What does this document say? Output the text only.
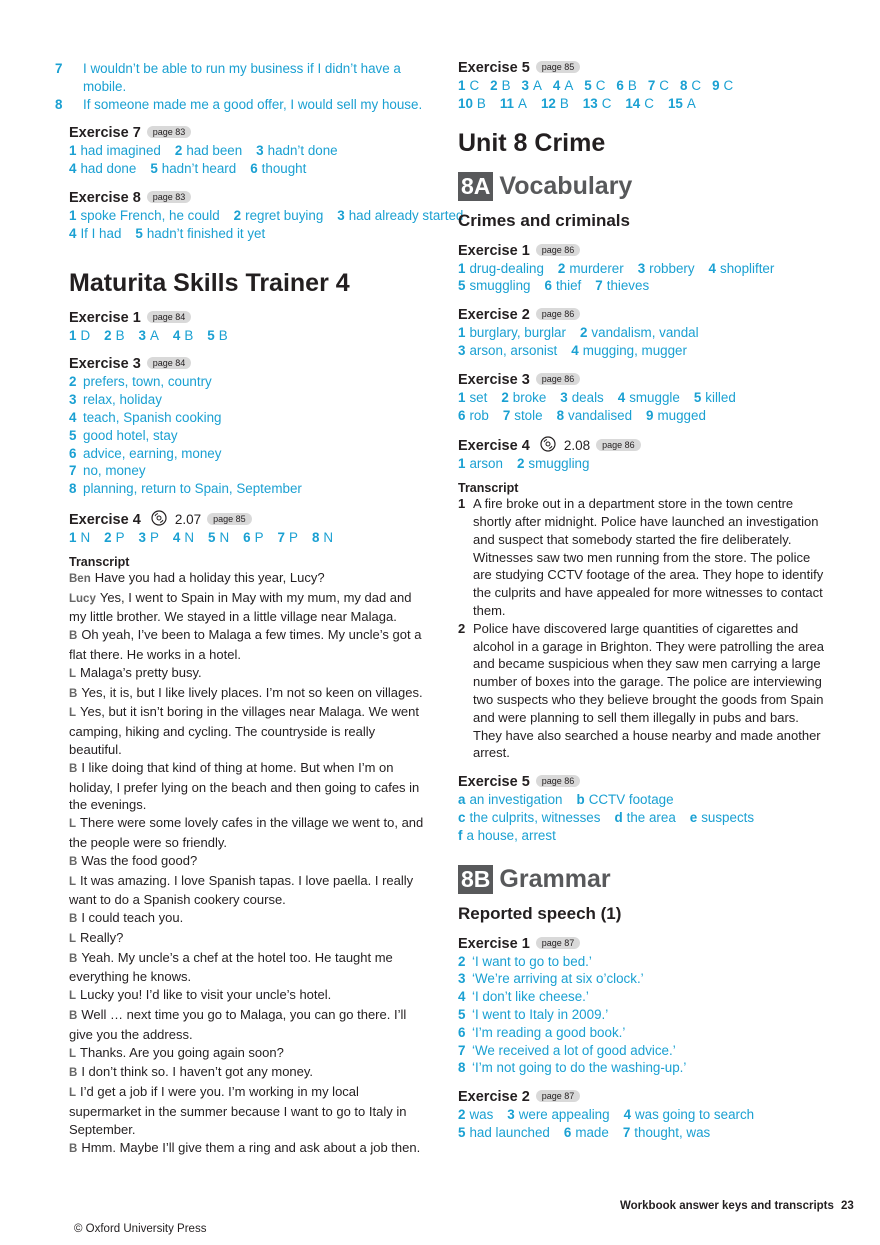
7 I wouldn’t be able to run my business if I didn’t have a mobile.
8 If someone made me a good offer, I would sell my house.
Exercise 7 page 83
1 had imagined 2 had been 3 hadn’t done
4 had done 5 hadn’t heard 6 thought
Exercise 8 page 83
1 spoke French, he could 2 regret buying 3 had already started
4 If I had 5 hadn’t finished it yet
Maturita Skills Trainer 4
Exercise 1 page 84
1 D 2 B 3 A 4 B 5 B
Exercise 3 page 84
2 prefers, town, country
3 relax, holiday
4 teach, Spanish cooking
5 good hotel, stay
6 advice, earning, money
7 no, money
8 planning, return to Spain, September
Exercise 4	2.07 page 85
1 N 2 P 3 P 4 N 5 N 6 P 7 P 8 N
Transcript
Ben Have you had a holiday this year, Lucy?
Lucy Yes, I went to Spain in May with my mum, my dad and my little brother. We stayed in a little village near Malaga.
B Oh yeah, I’ve been to Malaga a few times. My uncle’s got a flat there. He works in a hotel.
L Malaga’s pretty busy.
B Yes, it is, but I like lively places. I’m not so keen on villages.
L Yes, but it isn’t boring in the villages near Malaga. We went camping, hiking and cycling. The countryside is really beautiful.
B I like doing that kind of thing at home. But when I’m on holiday, I prefer lying on the beach and then going to cafes in the evenings.
L There were some lovely cafes in the village we went to, and the people were so friendly.
B Was the food good?
L It was amazing. I love Spanish tapas. I love paella. I really want to do a Spanish cookery course.
B I could teach you.
L Really?
B Yeah. My uncle’s a chef at the hotel too. He taught me everything he knows.
L Lucky you! I’d like to visit your uncle’s hotel.
B Well … next time you go to Malaga, you can go there. I’ll give you the address.
L Thanks. Are you going again soon?
B I don’t think so. I haven’t got any money.
L I’d get a job if I were you. I’m working in my local supermarket in the summer because I want to go to Italy in September.
B Hmm. Maybe I’ll give them a ring and ask about a job then.
Exercise 5 page 85
1 C 2 B 3 A 4 A 5 C 6 B 7 C 8 C 9 C
10 B 11 A 12 B 13 C 14 C 15 A
Unit 8 Crime
8A Vocabulary
Crimes and criminals
Exercise 1 page 86
1 drug-dealing 2 murderer 3 robbery 4 shoplifter
5 smuggling 6 thief 7 thieves
Exercise 2 page 86
1 burglary, burglar 2 vandalism, vandal
3 arson, arsonist 4 mugging, mugger
Exercise 3 page 86
1 set 2 broke 3 deals 4 smuggle 5 killed
6 rob 7 stole 8 vandalised 9 mugged
Exercise 4	2.08 page 86
1 arson 2 smuggling
Transcript
1 A fire broke out in a department store in the town centre shortly after midnight. Police have launched an investigation and suspect that somebody started the fire deliberately. Witnesses saw two men running from the store. The police are studying CCTV footage of the area. They hope to identify the culprits and have appealed for more witnesses to contact them.
2 Police have discovered large quantities of cigarettes and alcohol in a garage in Brighton. They were patrolling the area and became suspicious when they saw men carrying a large number of boxes into the garage. The police are interviewing two suspects who they believe brought the goods from Spain and were planning to sell them illegally in pubs and bars. They have also searched a house nearby and made another arrest.
Exercise 5 page 86
a an investigation b CCTV footage
c the culprits, witnesses d the area e suspects
f a house, arrest
8B Grammar
Reported speech (1)
Exercise 1 page 87
2 ‘I want to go to bed.’
3 ‘We’re arriving at six o’clock.’
4 ‘I don’t like cheese.’
5 ‘I went to Italy in 2009.’
6 ‘I’m reading a good book.’
7 ‘We received a lot of good advice.’
8 ‘I’m not going to do the washing-up.’
Exercise 2 page 87
2 was 3 were appealing 4 was going to search
5 had launched 6 made 7 thought, was
Workbook answer keys and transcripts 23
© Oxford University Press
